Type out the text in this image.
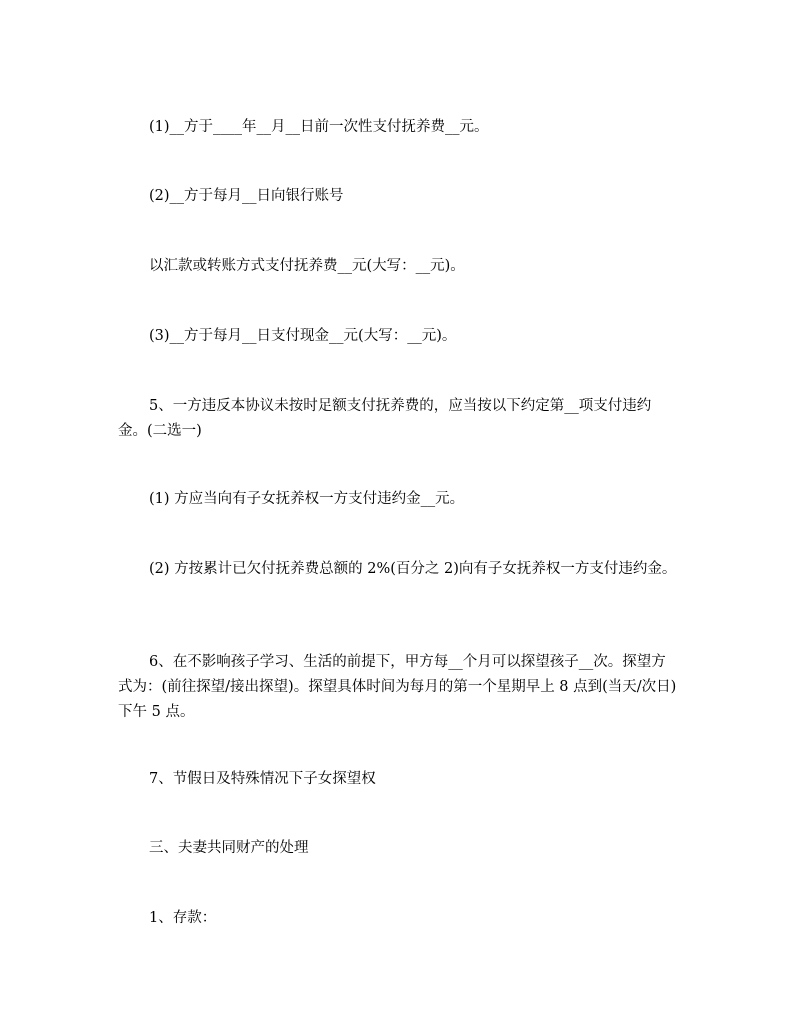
(1)__方于____年__月__日前一次性支付抚养费__元。

(2)__方于每月__日向银行账号

以汇款或转账方式支付抚养费__元(大写：__元)。

(3)__方于每月__日支付现金__元(大写：__元)。

5、一方违反本协议未按时足额支付抚养费的，应当按以下约定第__项支付违约金。(二选一)

(1) 方应当向有子女抚养权一方支付违约金__元。

(2) 方按累计已欠付抚养费总额的 2%(百分之 2)向有子女抚养权一方支付违约金。

6、在不影响孩子学习、生活的前提下，甲方每__个月可以探望孩子__次。探望方式为：(前往探望/接出探望)。探望具体时间为每月的第一个星期早上 8 点到(当天/次日)下午 5 点。

7、节假日及特殊情况下子女探望权

三、夫妻共同财产的处理

1、存款：
